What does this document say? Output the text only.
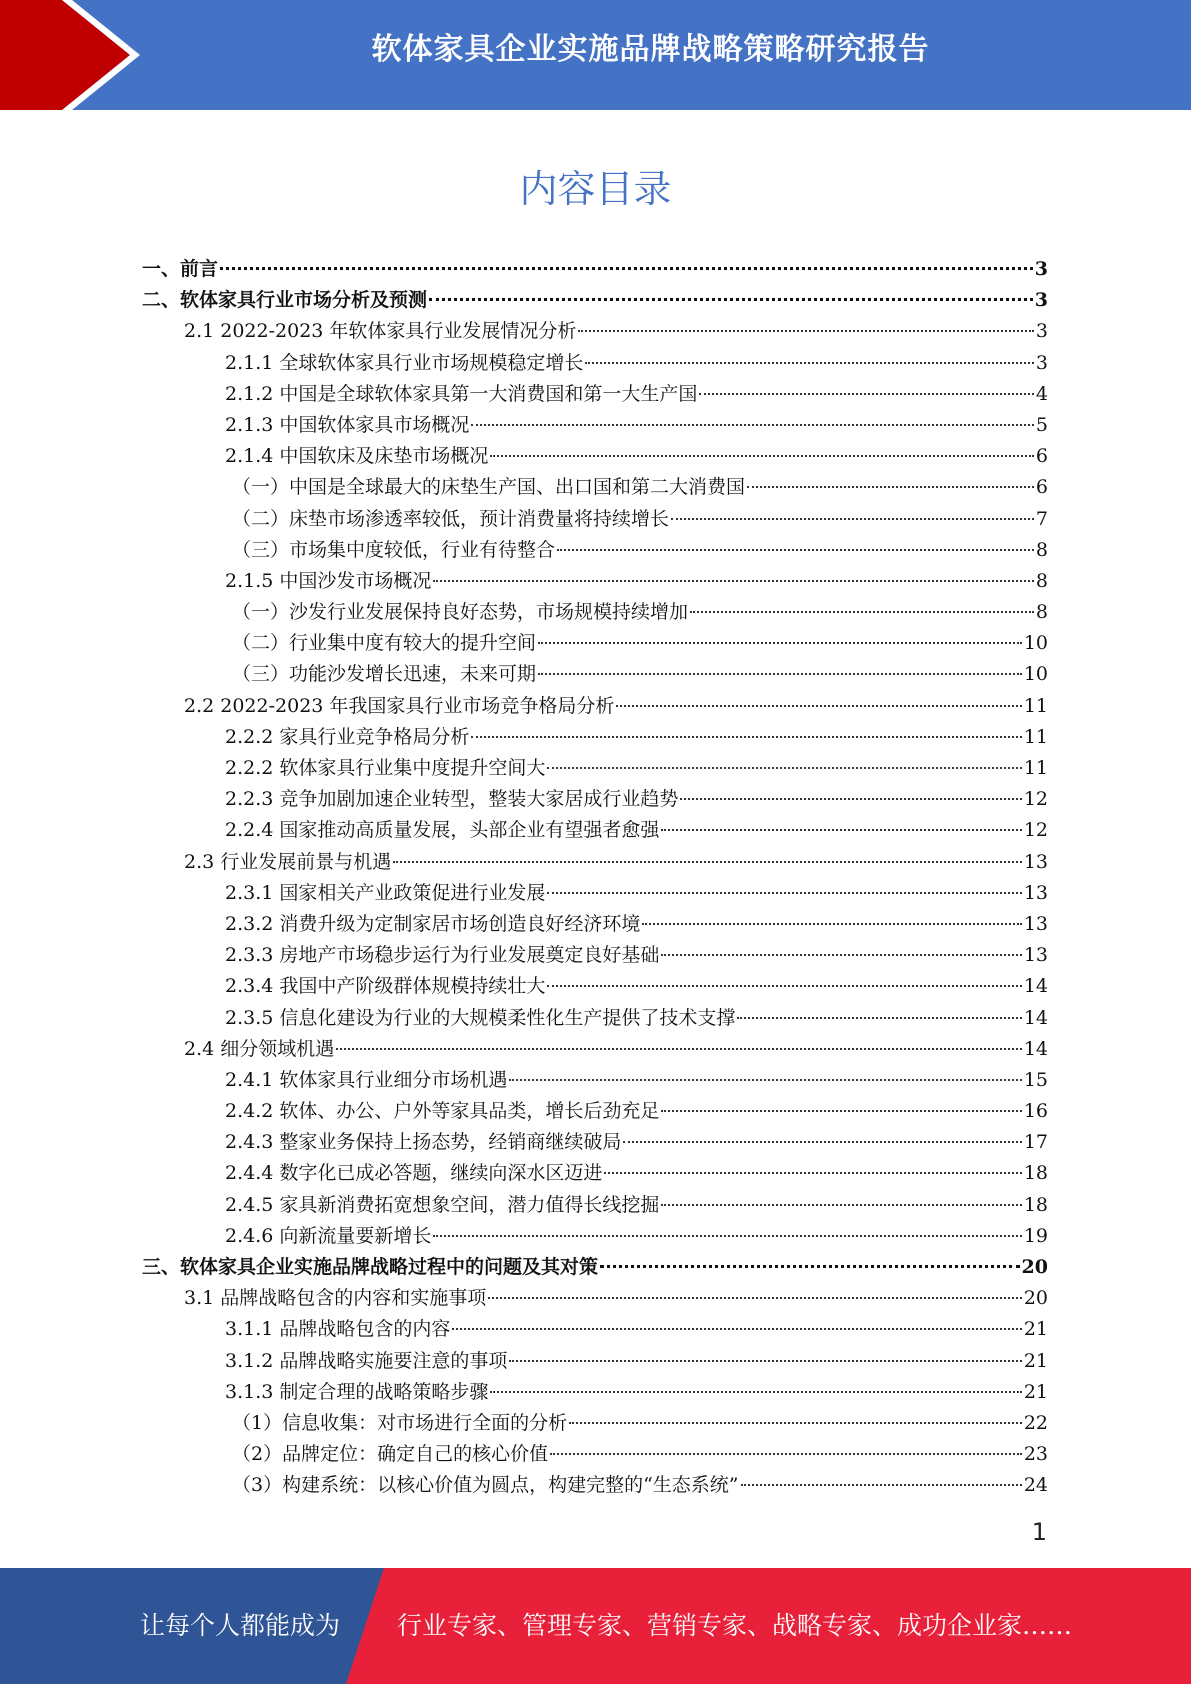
软体家具企业实施品牌战略策略研究报告
内容目录
一、前言	3
二、软体家具行业市场分析及预测	3
2.1 2022-2023 年软体家具行业发展情况分析	3
2.1.1 全球软体家具行业市场规模稳定增长	3
2.1.2 中国是全球软体家具第一大消费国和第一大生产国	4
2.1.3 中国软体家具市场概况	5
2.1.4 中国软床及床垫市场概况	6
（一）中国是全球最大的床垫生产国、出口国和第二大消费国	6
（二）床垫市场渗透率较低，预计消费量将持续增长	7
（三）市场集中度较低，行业有待整合	8
2.1.5 中国沙发市场概况	8
（一）沙发行业发展保持良好态势，市场规模持续增加	8
（二）行业集中度有较大的提升空间	10
（三）功能沙发增长迅速，未来可期	10
2.2 2022-2023 年我国家具行业市场竞争格局分析	11
2.2.2 家具行业竞争格局分析	11
2.2.2 软体家具行业集中度提升空间大	11
2.2.3 竞争加剧加速企业转型，整装大家居成行业趋势	12
2.2.4 国家推动高质量发展，头部企业有望强者愈强	12
2.3 行业发展前景与机遇	13
2.3.1 国家相关产业政策促进行业发展	13
2.3.2 消费升级为定制家居市场创造良好经济环境	13
2.3.3 房地产市场稳步运行为行业发展奠定良好基础	13
2.3.4 我国中产阶级群体规模持续壮大	14
2.3.5 信息化建设为行业的大规模柔性化生产提供了技术支撑	14
2.4 细分领域机遇	14
2.4.1 软体家具行业细分市场机遇	15
2.4.2 软体、办公、户外等家具品类，增长后劲充足	16
2.4.3 整家业务保持上扬态势，经销商继续破局	17
2.4.4 数字化已成必答题，继续向深水区迈进	18
2.4.5 家具新消费拓宽想象空间，潜力值得长线挖掘	18
2.4.6 向新流量要新增长	19
三、软体家具企业实施品牌战略过程中的问题及其对策	20
3.1 品牌战略包含的内容和实施事项	20
3.1.1 品牌战略包含的内容	21
3.1.2 品牌战略实施要注意的事项	21
3.1.3 制定合理的战略策略步骤	21
（1）信息收集：对市场进行全面的分析	22
（2）品牌定位：确定自己的核心价值	23
（3）构建系统：以核心价值为圆点，构建完整的“生态系统”	24
1
让每个人都能成为 行业专家、管理专家、营销专家、战略专家、成功企业家……
